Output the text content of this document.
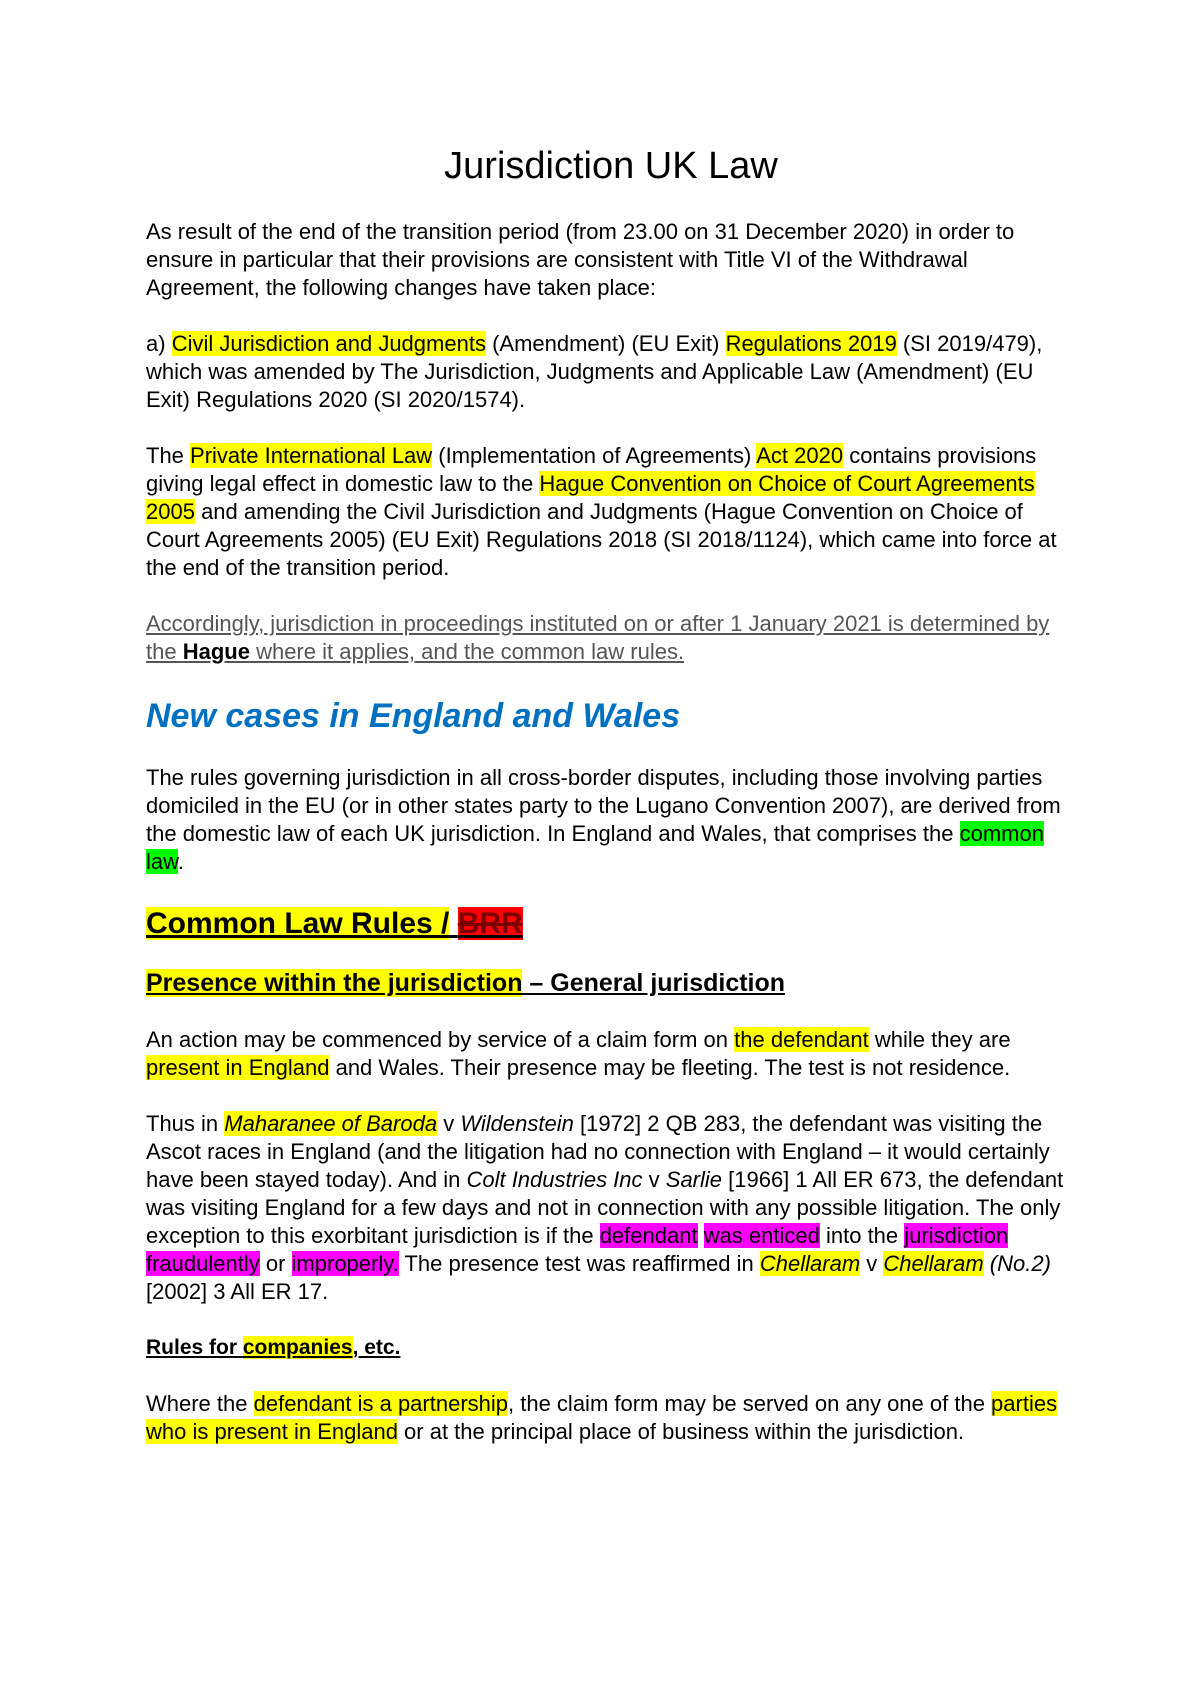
Jurisdiction UK Law

As result of the end of the transition period (from 23.00 on 31 December 2020) in order to ensure in particular that their provisions are consistent with Title VI of the Withdrawal Agreement, the following changes have taken place:

a) Civil Jurisdiction and Judgments (Amendment) (EU Exit) Regulations 2019 (SI 2019/479), which was amended by The Jurisdiction, Judgments and Applicable Law (Amendment) (EU Exit) Regulations 2020 (SI 2020/1574).

The Private International Law (Implementation of Agreements) Act 2020 contains provisions giving legal effect in domestic law to the Hague Convention on Choice of Court Agreements 2005 and amending the Civil Jurisdiction and Judgments (Hague Convention on Choice of Court Agreements 2005) (EU Exit) Regulations 2018 (SI 2018/1124), which came into force at the end of the transition period.

Accordingly, jurisdiction in proceedings instituted on or after 1 January 2021 is determined by the Hague where it applies, and the common law rules.

New cases in England and Wales

The rules governing jurisdiction in all cross-border disputes, including those involving parties domiciled in the EU (or in other states party to the Lugano Convention 2007), are derived from the domestic law of each UK jurisdiction. In England and Wales, that comprises the common law.

Common Law Rules / BRR
Presence within the jurisdiction – General jurisdiction

An action may be commenced by service of a claim form on the defendant while they are present in England and Wales. Their presence may be fleeting. The test is not residence.

Thus in Maharanee of Baroda v Wildenstein [1972] 2 QB 283, the defendant was visiting the Ascot races in England (and the litigation had no connection with England – it would certainly have been stayed today). And in Colt Industries Inc v Sarlie [1966] 1 All ER 673, the defendant was visiting England for a few days and not in connection with any possible litigation. The only exception to this exorbitant jurisdiction is if the defendant was enticed into the jurisdiction fraudulently or improperly. The presence test was reaffirmed in Chellaram v Chellaram (No.2) [2002] 3 All ER 17.

Rules for companies, etc.

Where the defendant is a partnership, the claim form may be served on any one of the parties who is present in England or at the principal place of business within the jurisdiction.
